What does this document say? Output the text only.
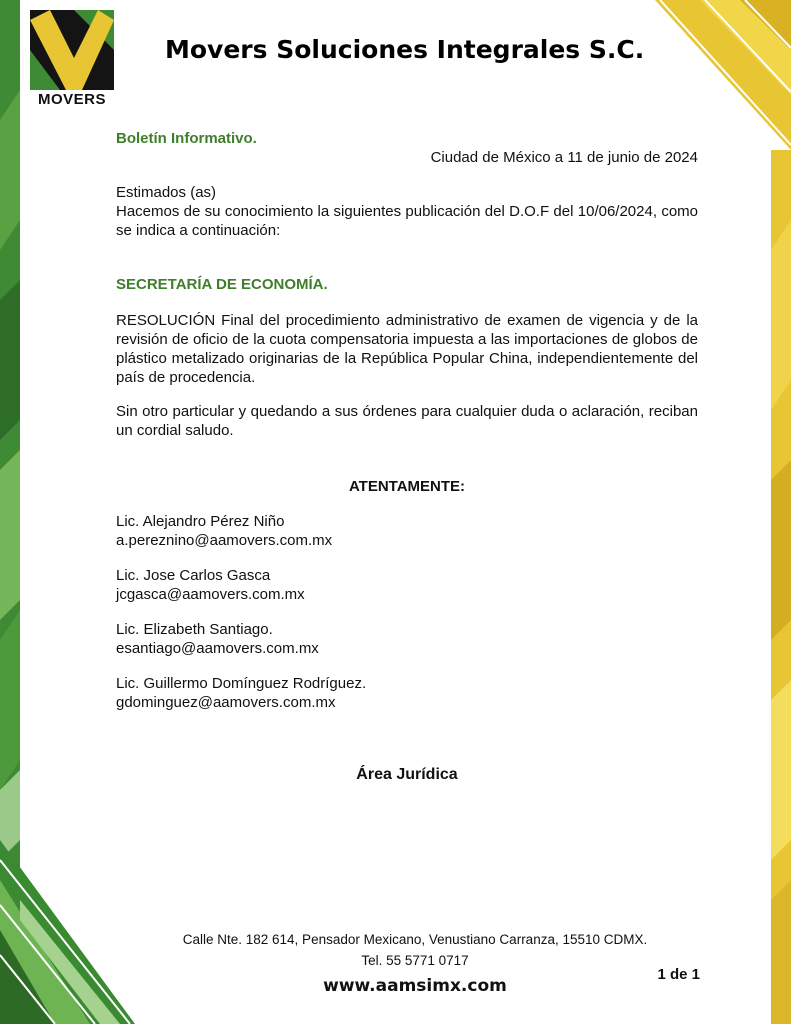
MOVERS
Movers Soluciones Integrales S.C.
Boletín Informativo.
Ciudad de México a 11 de junio de 2024
Estimados (as)
Hacemos de su conocimiento la siguientes publicación del D.O.F del 10/06/2024, como se indica a continuación:
SECRETARÍA DE ECONOMÍA.
RESOLUCIÓN Final del procedimiento administrativo de examen de vigencia y de la revisión de oficio de la cuota compensatoria impuesta a las importaciones de globos de plástico metalizado originarias de la República Popular China, independientemente del país de procedencia.
Sin otro particular y quedando a sus órdenes para cualquier duda o aclaración, reciban un cordial saludo.
ATENTAMENTE:
Lic. Alejandro Pérez Niño
a.pereznino@aamovers.com.mx
Lic. Jose Carlos Gasca
jcgasca@aamovers.com.mx
Lic. Elizabeth Santiago.
esantiago@aamovers.com.mx
Lic. Guillermo Domínguez Rodríguez.
gdominguez@aamovers.com.mx
Área Jurídica
Calle Nte. 182 614, Pensador Mexicano, Venustiano Carranza, 15510 CDMX.
Tel. 55 5771 0717
www.aamsimx.com
1 de 1
